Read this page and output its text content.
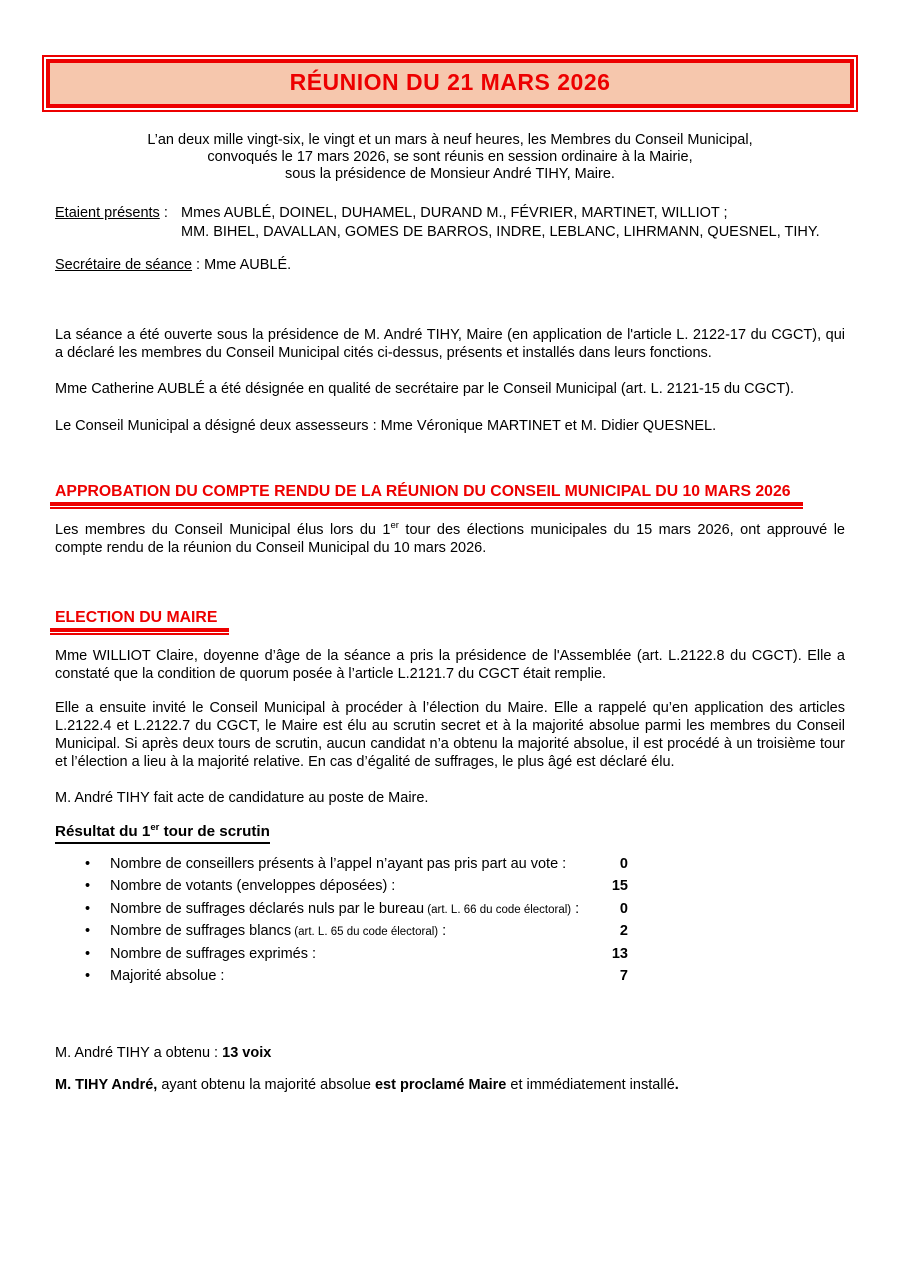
RÉUNION DU 21 MARS 2026
L’an deux mille vingt-six, le vingt et un mars à neuf heures, les Membres du Conseil Municipal,
convoqués le 17 mars 2026, se sont réunis en session ordinaire à la Mairie,
sous la présidence de Monsieur André TIHY, Maire.
Etaient présents : Mmes AUBLÉ, DOINEL, DUHAMEL, DURAND M., FÉVRIER, MARTINET, WILLIOT ;
MM. BIHEL, DAVALLAN, GOMES DE BARROS, INDRE, LEBLANC, LIHRMANN, QUESNEL, TIHY.
Secrétaire de séance : Mme AUBLÉ.

La séance a été ouverte sous la présidence de M. André TIHY, Maire (en application de l'article L. 2122-17 du CGCT), qui a déclaré les membres du Conseil Municipal cités ci-dessus, présents et installés dans leurs fonctions.

Mme Catherine AUBLÉ a été désignée en qualité de secrétaire par le Conseil Municipal (art. L. 2121-15 du CGCT).

Le Conseil Municipal a désigné deux assesseurs : Mme Véronique MARTINET et M. Didier QUESNEL.

APPROBATION DU COMPTE RENDU DE LA RÉUNION DU CONSEIL MUNICIPAL DU 10 MARS 2026

Les membres du Conseil Municipal élus lors du 1er tour des élections municipales du 15 mars 2026, ont approuvé le compte rendu de la réunion du Conseil Municipal du 10 mars 2026.

ELECTION DU MAIRE

Mme WILLIOT Claire, doyenne d’âge de la séance a pris la présidence de l'Assemblée (art. L.2122.8 du CGCT). Elle a constaté que la condition de quorum posée à l’article L.2121.7 du CGCT était remplie.

Elle a ensuite invité le Conseil Municipal à procéder à l’élection du Maire. Elle a rappelé qu’en application des articles L.2122.4 et L.2122.7 du CGCT, le Maire est élu au scrutin secret et à la majorité absolue parmi les membres du Conseil Municipal. Si après deux tours de scrutin, aucun candidat n’a obtenu la majorité absolue, il est procédé à un troisième tour et l’élection a lieu à la majorité relative. En cas d’égalité de suffrages, le plus âgé est déclaré élu.

M. André TIHY fait acte de candidature au poste de Maire.

Résultat du 1er tour de scrutin
•	Nombre de conseillers présents à l’appel n’ayant pas pris part au vote :	0
•	Nombre de votants (enveloppes déposées) :	15
•	Nombre de suffrages déclarés nuls par le bureau (art. L. 66 du code électoral) :	0
•	Nombre de suffrages blancs (art. L. 65 du code électoral) :	2
•	Nombre de suffrages exprimés :	13
•	Majorité absolue :	7

M. André TIHY a obtenu : 13 voix

M. TIHY André, ayant obtenu la majorité absolue est proclamé Maire et immédiatement installé.
